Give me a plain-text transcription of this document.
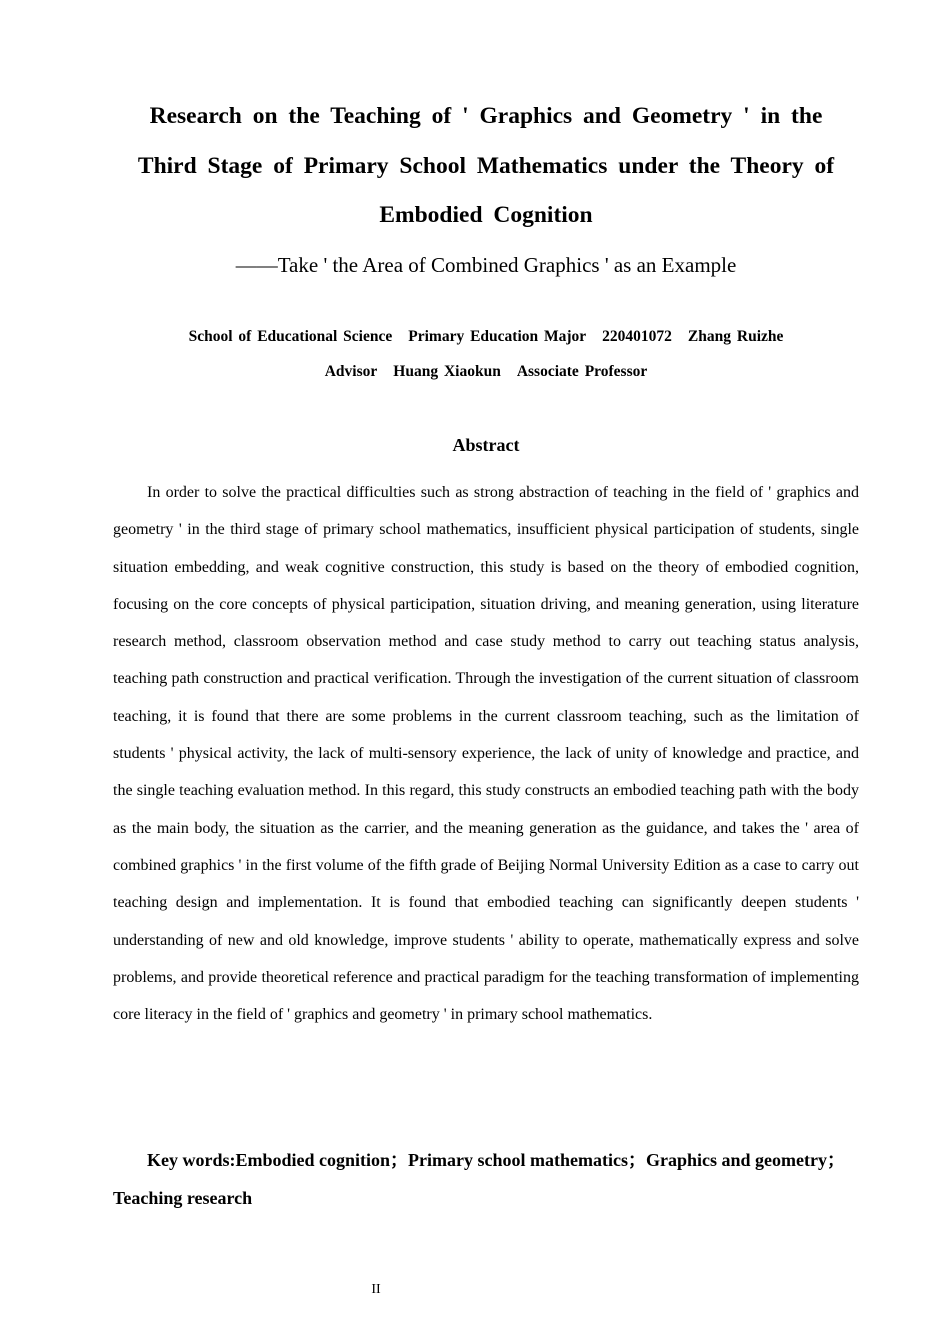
Research on the Teaching of ' Graphics and Geometry ' in the
Third Stage of Primary School Mathematics under the Theory of
Embodied Cognition
——Take ' the Area of Combined Graphics ' as an Example
School of Educational Science Primary Education Major 220401072 Zhang Ruizhe
Advisor Huang Xiaokun Associate Professor
Abstract
In order to solve the practical difficulties such as strong abstraction of teaching in the field of ' graphics and geometry ' in the third stage of primary school mathematics, insufficient physical participation of students, single situation embedding, and weak cognitive construction, this study is based on the theory of embodied cognition, focusing on the core concepts of physical participation, situation driving, and meaning generation, using literature research method, classroom observation method and case study method to carry out teaching status analysis, teaching path construction and practical verification. Through the investigation of the current situation of classroom teaching, it is found that there are some problems in the current classroom teaching, such as the limitation of students ' physical activity, the lack of multi-sensory experience, the lack of unity of knowledge and practice, and the single teaching evaluation method. In this regard, this study constructs an embodied teaching path with the body as the main body, the situation as the carrier, and the meaning generation as the guidance, and takes the ' area of combined graphics ' in the first volume of the fifth grade of Beijing Normal University Edition as a case to carry out teaching design and implementation. It is found that embodied teaching can significantly deepen students ' understanding of new and old knowledge, improve students ' ability to operate, mathematically express and solve problems, and provide theoretical reference and practical paradigm for the teaching transformation of implementing core literacy in the field of ' graphics and geometry ' in primary school mathematics.
Key words:Embodied cognition；Primary school mathematics；Graphics and geometry；Teaching research
II
